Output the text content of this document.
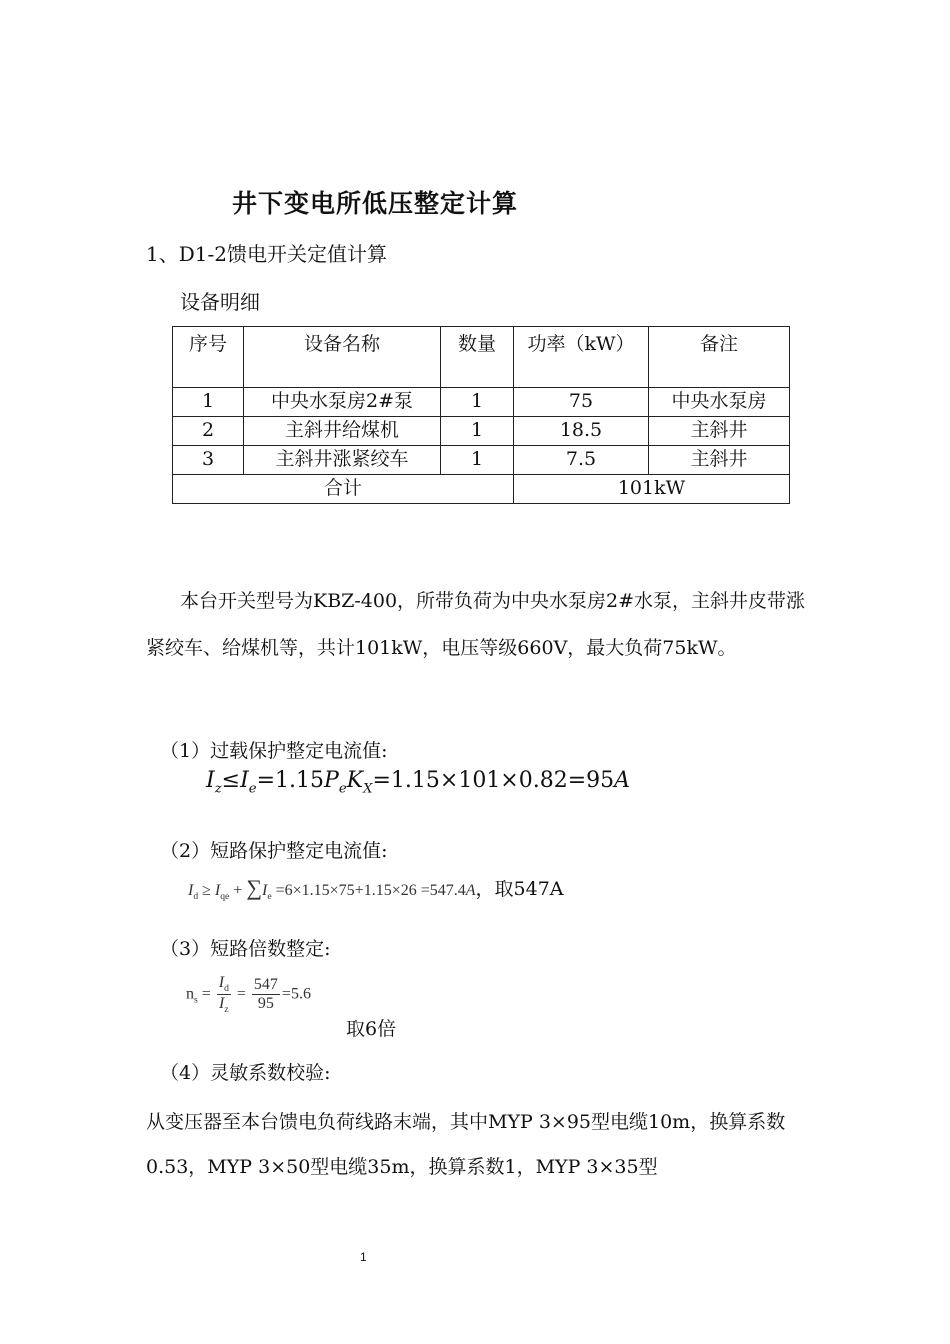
井下变电所低压整定计算
1、D1-2馈电开关定值计算
设备明细
序号	设备名称	数量	功率（kW）	备注
1	中央水泵房2#泵	1	75	中央水泵房
2	主斜井给煤机	1	18.5	主斜井
3	主斜井涨紧绞车	1	7.5	主斜井
合计			101kW	
本台开关型号为KBZ-400，所带负荷为中央水泵房2#水泵，主斜井皮带涨紧绞车、给煤机等，共计101kW，电压等级660V，最大负荷75kW。
（1）过载保护整定电流值:
$I_z\le I_e=1.15P_eK_X=1.15\times 101\times 0.82=95A$
（2）短路保护整定电流值:
$I_d \ge I_{qe} + \sum I_e =6\times 1.15\times 75+1.15\times 26 =547.4A$，取547A
（3）短路倍数整定:
$n_s = \frac{I_d}{I_z} = \frac{547}{95} =5.6$
取6倍
（4）灵敏系数校验:
从变压器至本台馈电负荷线路末端，其中MYP 3×95型电缆10m，换算系数0.53，MYP 3×50型电缆35m，换算系数1，MYP 3×35型
1
